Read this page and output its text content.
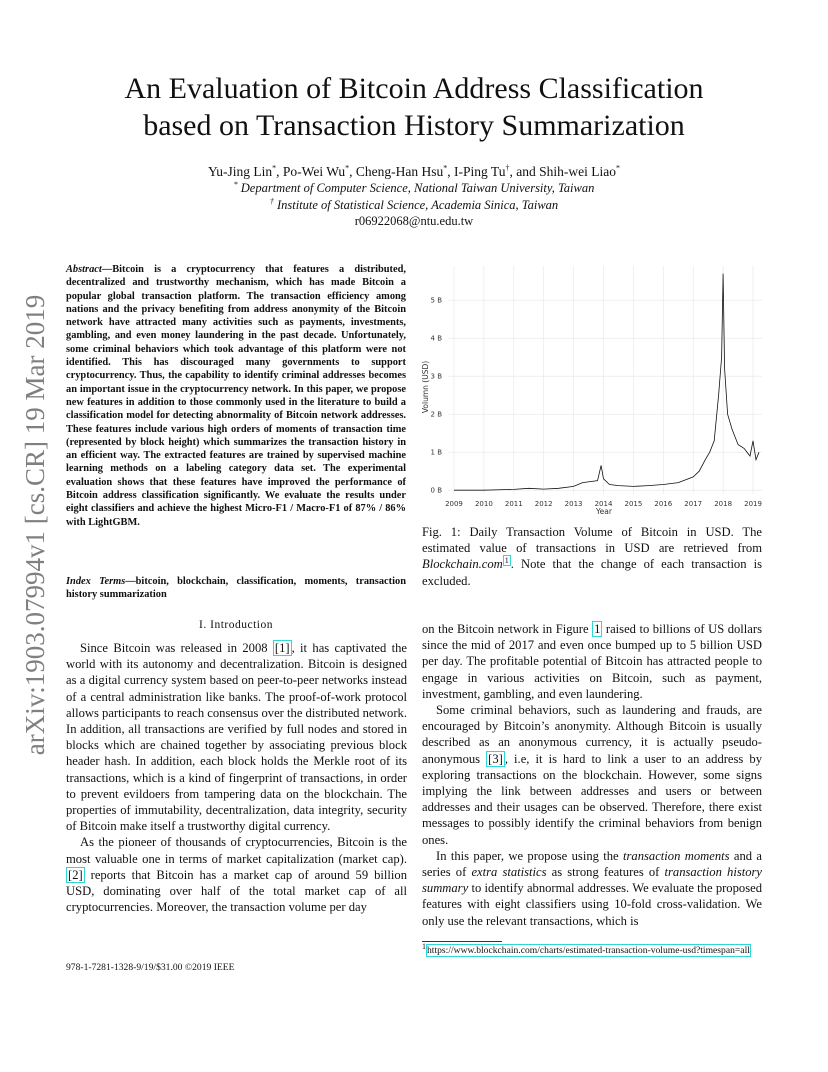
arXiv:1903.07994v1 [cs.CR] 19 Mar 2019
An Evaluation of Bitcoin Address Classification
based on Transaction History Summarization
Yu-Jing Lin*, Po-Wei Wu*, Cheng-Han Hsu*, I-Ping Tu†, and Shih-wei Liao*
* Department of Computer Science, National Taiwan University, Taiwan
† Institute of Statistical Science, Academia Sinica, Taiwan
r06922068@ntu.edu.tw
Abstract—Bitcoin is a cryptocurrency that features a distributed, decentralized and trustworthy mechanism, which has made Bitcoin a popular global transaction platform. The transaction efficiency among nations and the privacy benefiting from address anonymity of the Bitcoin network have attracted many activities such as payments, investments, gambling, and even money laundering in the past decade. Unfortunately, some criminal behaviors which took advantage of this platform were not identified. This has discouraged many governments to support cryptocurrency. Thus, the capability to identify criminal addresses becomes an important issue in the cryptocurrency network. In this paper, we propose new features in addition to those commonly used in the literature to build a classification model for detecting abnormality of Bitcoin network addresses. These features include various high orders of moments of transaction time (represented by block height) which summarizes the transaction history in an efficient way. The extracted features are trained by supervised machine learning methods on a labeling category data set. The experimental evaluation shows that these features have improved the performance of Bitcoin address classification significantly. We evaluate the results under eight classifiers and achieve the highest Micro-F1 / Macro-F1 of 87% / 86% with LightGBM.
Index Terms—bitcoin, blockchain, classification, moments, transaction history summarization
I. Introduction

Since Bitcoin was released in 2008 [1] , it has captivated the world with its autonomy and decentralization. Bitcoin is designed as a digital currency system based on peer-to-peer networks instead of a central administration like banks. The proof-of-work protocol allows participants to reach consensus over the distributed network. In addition, all transactions are verified by full nodes and stored in blocks which are chained together by associating previous block header hash. In addition, each block holds the Merkle root of its transactions, which is a kind of fingerprint of transactions, in order to prevent evildoers from tampering data on the blockchain. The properties of immutability, decentralization, data integrity, security of Bitcoin make itself a trustworthy digital currency.

As the pioneer of thousands of cryptocurrencies, Bitcoin is the most valuable one in terms of market capitalization (market cap). [2] reports that Bitcoin has a market cap of around 59 billion USD, dominating over half of the total market cap of all cryptocurrencies. Moreover, the transaction volume per day

0 B
1 B
2 B
3 B
4 B
5 B
2009 2010 2011 2012 2013 2014 2015 2016 2017 2018 2019
Volumn (USD)
Year
Fig. 1: Daily Transaction Volume of Bitcoin in USD. The estimated value of transactions in USD are retrieved from Blockchain.com $^1$ . Note that the change of each transaction is excluded.

on the Bitcoin network in Figure 1 raised to billions of US dollars since the mid of 2017 and even once bumped up to 5 billion USD per day. The profitable potential of Bitcoin has attracted people to engage in various activities on Bitcoin, such as payment, investment, gambling, and even laundering.

Some criminal behaviors, such as laundering and frauds, are encouraged by Bitcoin’s anonymity. Although Bitcoin is usually described as an anonymous currency, it is actually pseudo-anonymous [3] , i.e, it is hard to link a user to an address by exploring transactions on the blockchain. However, some signs implying the link between addresses and users or between addresses and their usages can be observed. Therefore, there exist messages to possibly identify the criminal behaviors from benign ones.

In this paper, we propose using the transaction moments and a series of extra statistics as strong features of transaction history summary to identify abnormal addresses. We evaluate the proposed features with eight classifiers using 10-fold cross-validation. We only use the relevant transactions, which is

$^1$https://www.blockchain.com/charts/estimated-transaction-volume-usd?timespan=all
978-1-7281-1328-9/19/$31.00 ©2019 IEEE
